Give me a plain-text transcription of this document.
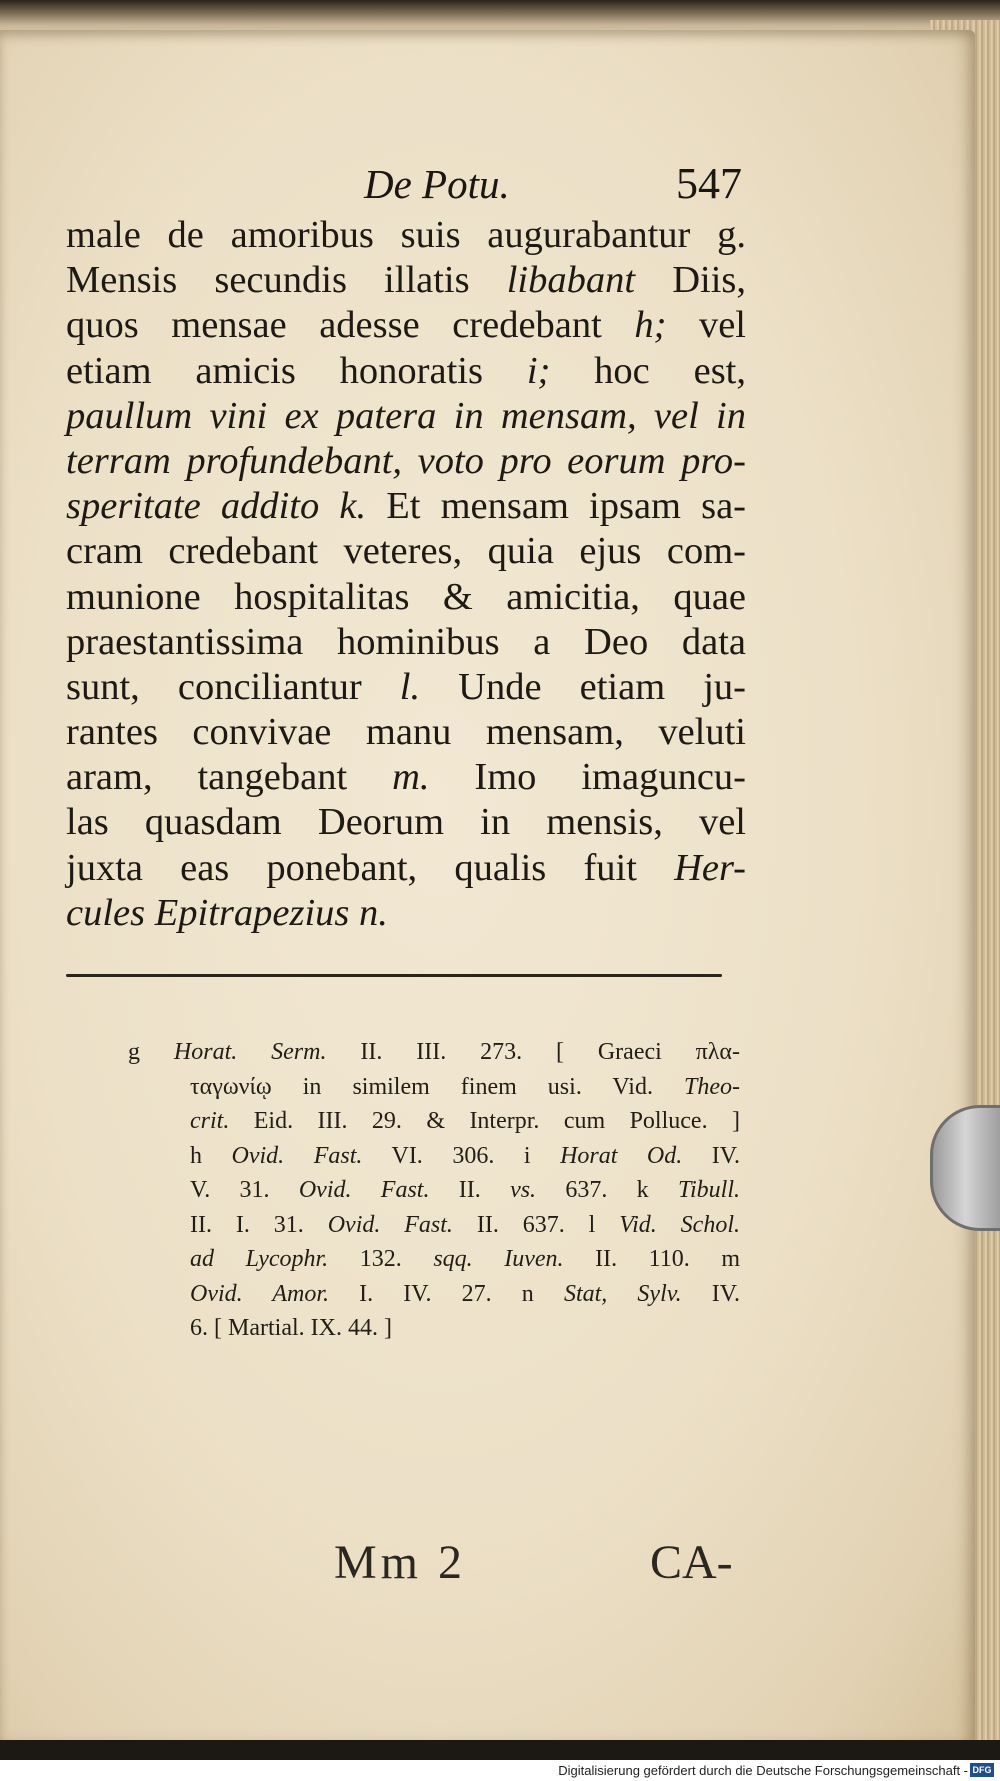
De Potu.	547
male de amoribus suis augurabantur g.
Mensis secundis illatis libabant Diis,
quos mensae adesse credebant h; vel
etiam amicis honoratis i; hoc est,
paullum vini ex patera in mensam, vel in
terram profundebant, voto pro eorum pro-
speritate addito k. Et mensam ipsam sa-
cram credebant veteres, quia ejus com-
munione hospitalitas & amicitia, quae
praestantissima hominibus a Deo data
sunt, conciliantur l. Unde etiam ju-
rantes convivae manu mensam, veluti
aram, tangebant m. Imo imaguncu-
las quasdam Deorum in mensis, vel
juxta eas ponebant, qualis fuit Her-
cules Epitrapezius n.
g Horat. Serm. II. III. 273. [ Graeci πλα-
ταγωνίῳ in similem finem usi. Vid. Theo-
crit. Eid. III. 29. & Interpr. cum Polluce. ]
h Ovid. Fast. VI. 306. i Horat Od. IV.
V. 31. Ovid. Fast. II. vs. 637. k Tibull.
II. I. 31. Ovid. Fast. II. 637. l Vid. Schol.
ad Lycophr. 132. sqq. Iuven. II. 110. m
Ovid. Amor. I. IV. 27. n Stat, Sylv. IV.
6. [ Martial. IX. 44. ]
Mm 2	CA-
Digitalisierung gefördert durch die Deutsche Forschungsgemeinschaft - DFG
